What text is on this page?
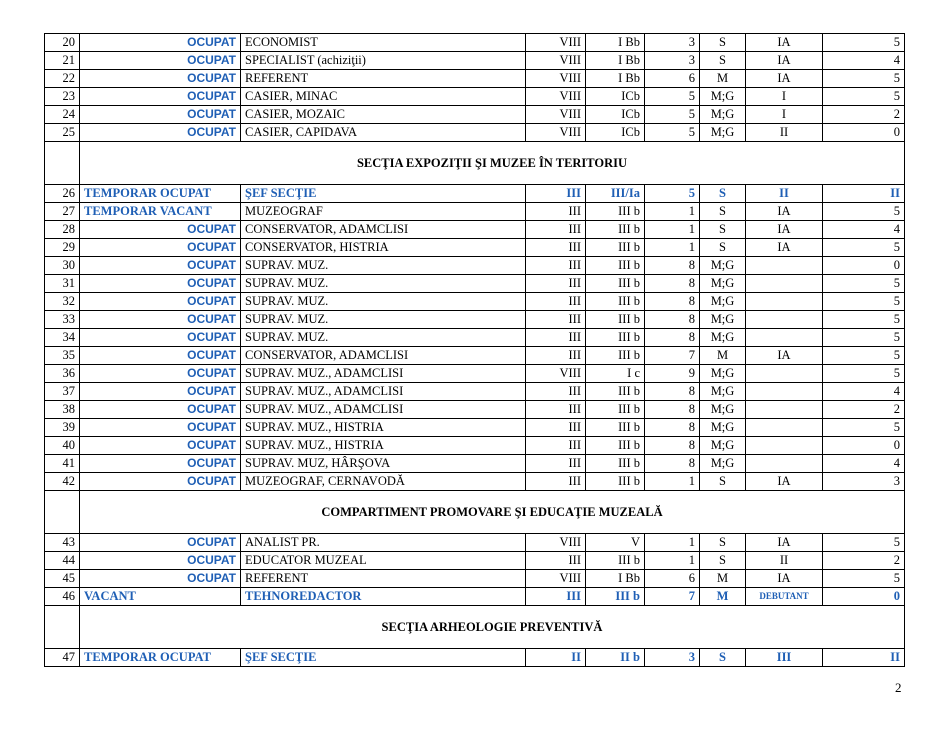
20	OCUPAT	ECONOMIST	VIII	I Bb	3	S	IA	5
21	OCUPAT	SPECIALIST (achiziţii)	VIII	I Bb	3	S	IA	4
22	OCUPAT	REFERENT	VIII	I Bb	6	M	IA	5
23	OCUPAT	CASIER, MINAC	VIII	ICb	5	M;G	I	5
24	OCUPAT	CASIER, MOZAIC	VIII	ICb	5	M;G	I	2
25	OCUPAT	CASIER, CAPIDAVA	VIII	ICb	5	M;G	II	0
	SECŢIA EXPOZIŢII ŞI MUZEE ÎN TERITORIU							
26	TEMPORAR OCUPAT	ŞEF SECŢIE	III	III/Ia	5	S	II	II
27	TEMPORAR VACANT	MUZEOGRAF	III	III b	1	S	IA	5
28	OCUPAT	CONSERVATOR, ADAMCLISI	III	III b	1	S	IA	4
29	OCUPAT	CONSERVATOR, HISTRIA	III	III b	1	S	IA	5
30	OCUPAT	SUPRAV. MUZ.	III	III b	8	M;G		0
31	OCUPAT	SUPRAV. MUZ.	III	III b	8	M;G		5
32	OCUPAT	SUPRAV. MUZ.	III	III b	8	M;G		5
33	OCUPAT	SUPRAV. MUZ.	III	III b	8	M;G		5
34	OCUPAT	SUPRAV. MUZ.	III	III b	8	M;G		5
35	OCUPAT	CONSERVATOR, ADAMCLISI	III	III b	7	M	IA	5
36	OCUPAT	SUPRAV. MUZ., ADAMCLISI	VIII	I c	9	M;G		5
37	OCUPAT	SUPRAV. MUZ., ADAMCLISI	III	III b	8	M;G		4
38	OCUPAT	SUPRAV. MUZ., ADAMCLISI	III	III b	8	M;G		2
39	OCUPAT	SUPRAV. MUZ., HISTRIA	III	III b	8	M;G		5
40	OCUPAT	SUPRAV. MUZ., HISTRIA	III	III b	8	M;G		0
41	OCUPAT	SUPRAV. MUZ, HÂRŞOVA	III	III b	8	M;G		4
42	OCUPAT	MUZEOGRAF, CERNAVODĂ	III	III b	1	S	IA	3
	COMPARTIMENT PROMOVARE ŞI EDUCAŢIE MUZEALĂ							
43	OCUPAT	ANALIST PR.	VIII	V	1	S	IA	5
44	OCUPAT	EDUCATOR MUZEAL	III	III b	1	S	II	2
45	OCUPAT	REFERENT	VIII	I Bb	6	M	IA	5
46	VACANT	TEHNOREDACTOR	III	III b	7	M	DEBUTANT	0
	SECŢIA ARHEOLOGIE PREVENTIVĂ							
47	TEMPORAR OCUPAT	ŞEF SECŢIE	II	II b	3	S	III	II
2
